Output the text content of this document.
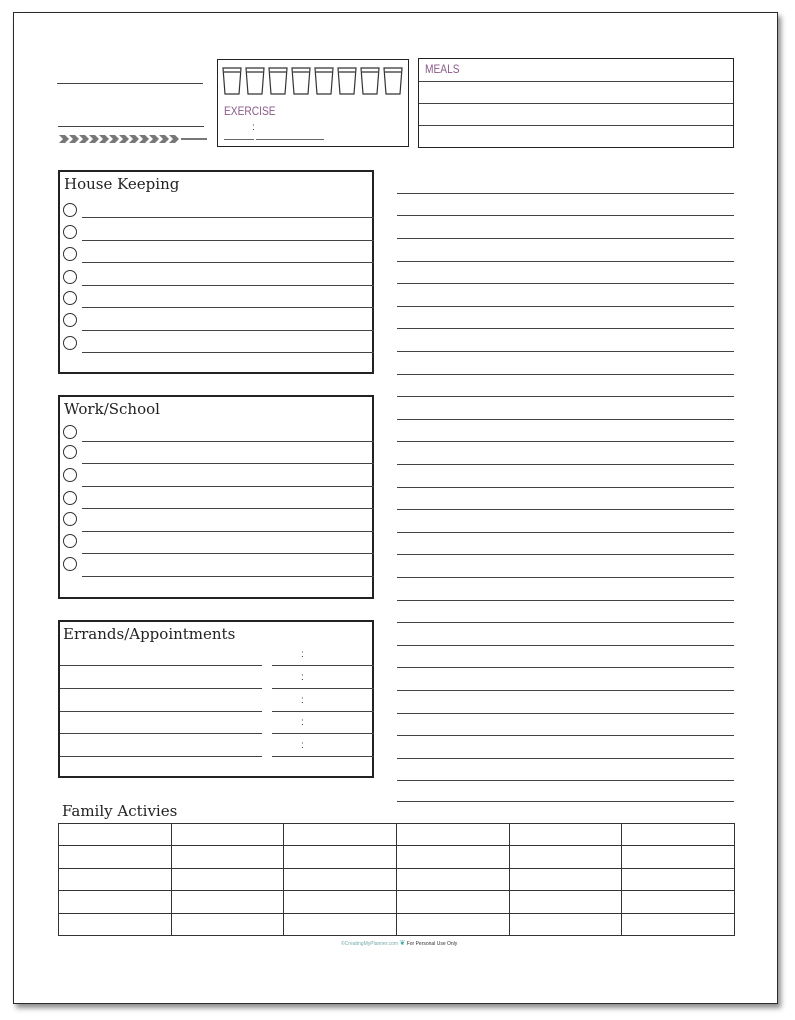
EXERCISE
:
MEALS
House Keeping
Work/School
Errands/Appointments
:
:
:
:
:
Family Activies

©CreatingMyPlanner.com ❦ For Personal Use Only
